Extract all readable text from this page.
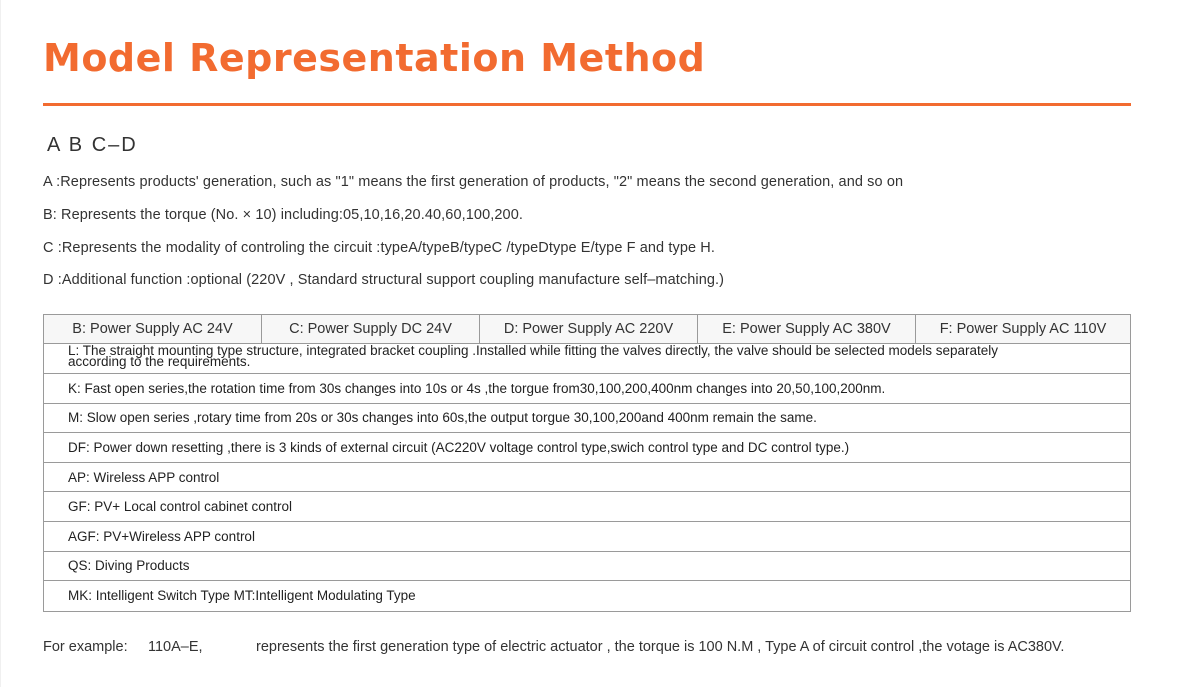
Model Representation Method
A B C–D
A :Represents products' generation, such as "1" means the first generation of products, "2" means the second generation, and so on
B: Represents the torque (No. × 10) including:05,10,16,20.40,60,100,200.
C :Represents the modality of controling the circuit :typeA/typeB/typeC /typeDtype E/type F and type H.
D :Additional function :optional (220V , Standard structural support coupling manufacture self–matching.)
B: Power Supply AC 24V	C: Power Supply DC 24V	D: Power Supply AC 220V	E: Power Supply AC 380V	F: Power Supply AC 110V
L: The straight mounting type structure, integrated bracket coupling .Installed while fitting the valves directly, the valve should be selected models separately according to the requirements.
K: Fast open series,the rotation time from 30s changes into 10s or 4s ,the torgue from30,100,200,400nm changes into 20,50,100,200nm.
M: Slow open series ,rotary time from 20s or 30s changes into 60s,the output torgue 30,100,200and 400nm remain the same.
DF: Power down resetting ,there is 3 kinds of external circuit (AC220V voltage control type,swich control type and DC control type.)
AP: Wireless APP control
GF: PV+ Local control cabinet control
AGF: PV+Wireless APP control
QS: Diving Products
MK: Intelligent Switch Type MT:Intelligent Modulating Type
For example: 110A–E,	represents the first generation type of electric actuator , the torque is 100 N.M , Type A of circuit control ,the votage is AC380V.
